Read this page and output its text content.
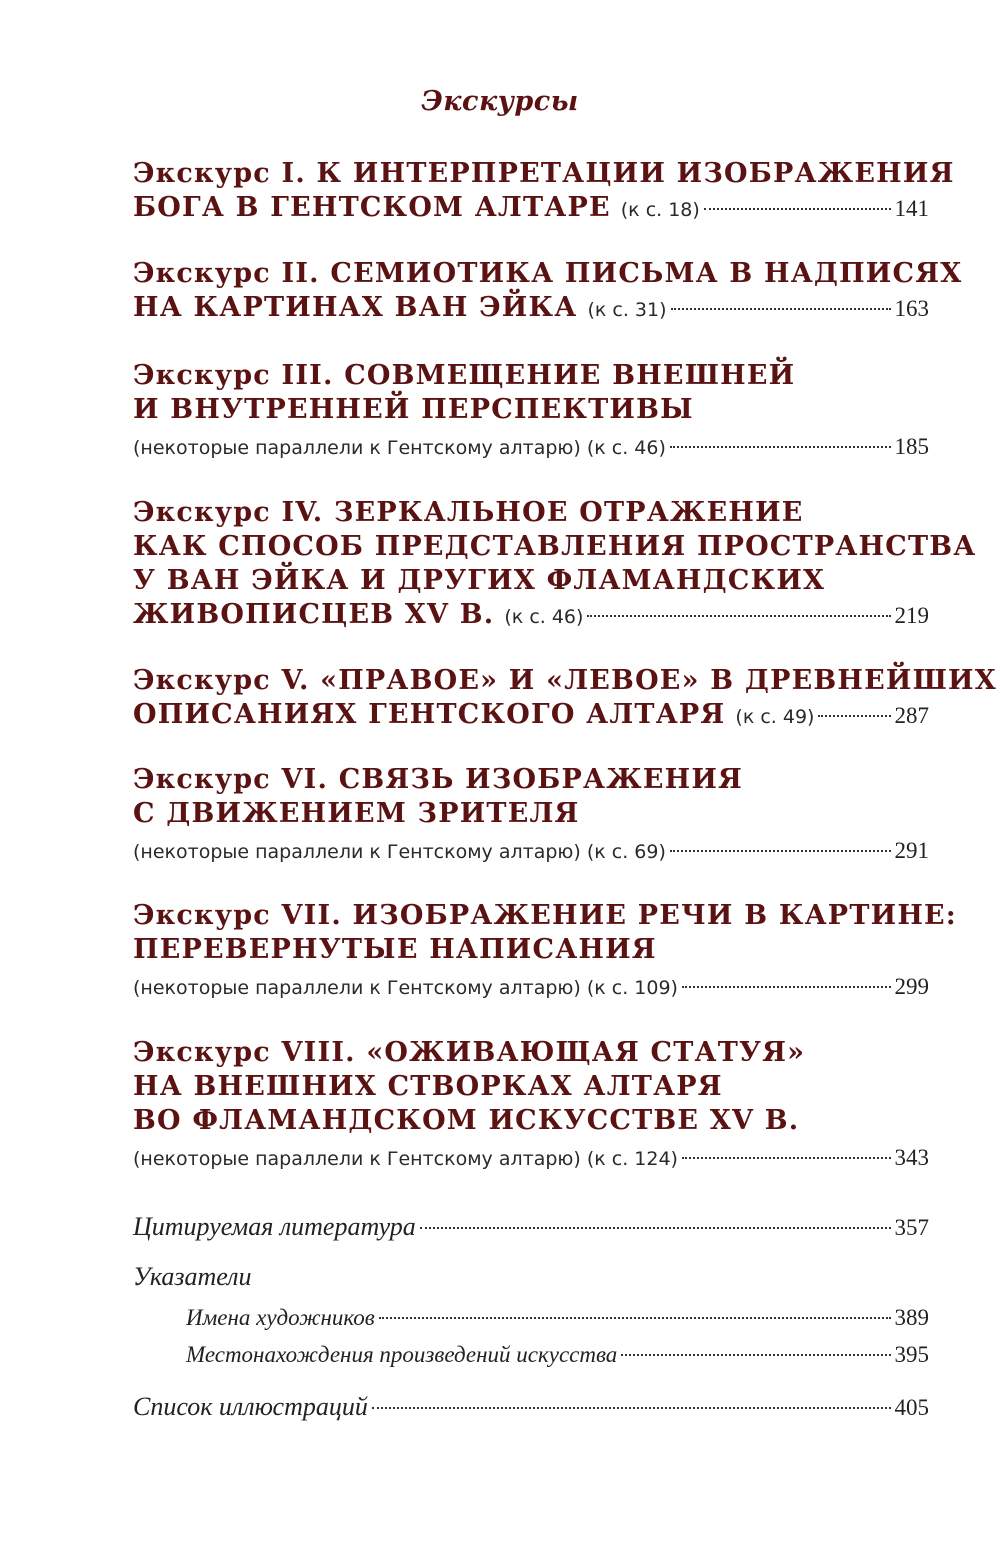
Экскурсы
Экскурс I. К ИНТЕРПРЕТАЦИИ ИЗОБРАЖЕНИЯ
БОГА В ГЕНТСКОМ АЛТАРЕ (к с. 18)	141
Экскурс II. СЕМИОТИКА ПИСЬМА В НАДПИСЯХ
НА КАРТИНАХ ВАН ЭЙКА (к с. 31)	163
Экскурс III. СОВМЕЩЕНИЕ ВНЕШНЕЙ
И ВНУТРЕННЕЙ ПЕРСПЕКТИВЫ
(некоторые параллели к Гентскому алтарю) (к с. 46)	185
Экскурс IV. ЗЕРКАЛЬНОЕ ОТРАЖЕНИЕ
КАК СПОСОБ ПРЕДСТАВЛЕНИЯ ПРОСТРАНСТВА
У ВАН ЭЙКА И ДРУГИХ ФЛАМАНДСКИХ
ЖИВОПИСЦЕВ XV В. (к с. 46)	219
Экскурс V. «ПРАВОЕ» И «ЛЕВОЕ» В ДРЕВНЕЙШИХ
ОПИСАНИЯХ ГЕНТСКОГО АЛТАРЯ (к с. 49)	287
Экскурс VI. СВЯЗЬ ИЗОБРАЖЕНИЯ
С ДВИЖЕНИЕМ ЗРИТЕЛЯ
(некоторые параллели к Гентскому алтарю) (к с. 69)	291
Экскурс VII. ИЗОБРАЖЕНИЕ РЕЧИ В КАРТИНЕ:
ПЕРЕВЕРНУТЫЕ НАПИСАНИЯ
(некоторые параллели к Гентскому алтарю) (к с. 109)	299
Экскурс VIII. «ОЖИВАЮЩАЯ СТАТУЯ»
НА ВНЕШНИХ СТВОРКАХ АЛТАРЯ
ВО ФЛАМАНДСКОМ ИСКУССТВЕ XV В.
(некоторые параллели к Гентскому алтарю) (к с. 124)	343
Цитируемая литература	357
Указатели
Имена художников	389
Местонахождения произведений искусства	395
Список иллюстраций	405
